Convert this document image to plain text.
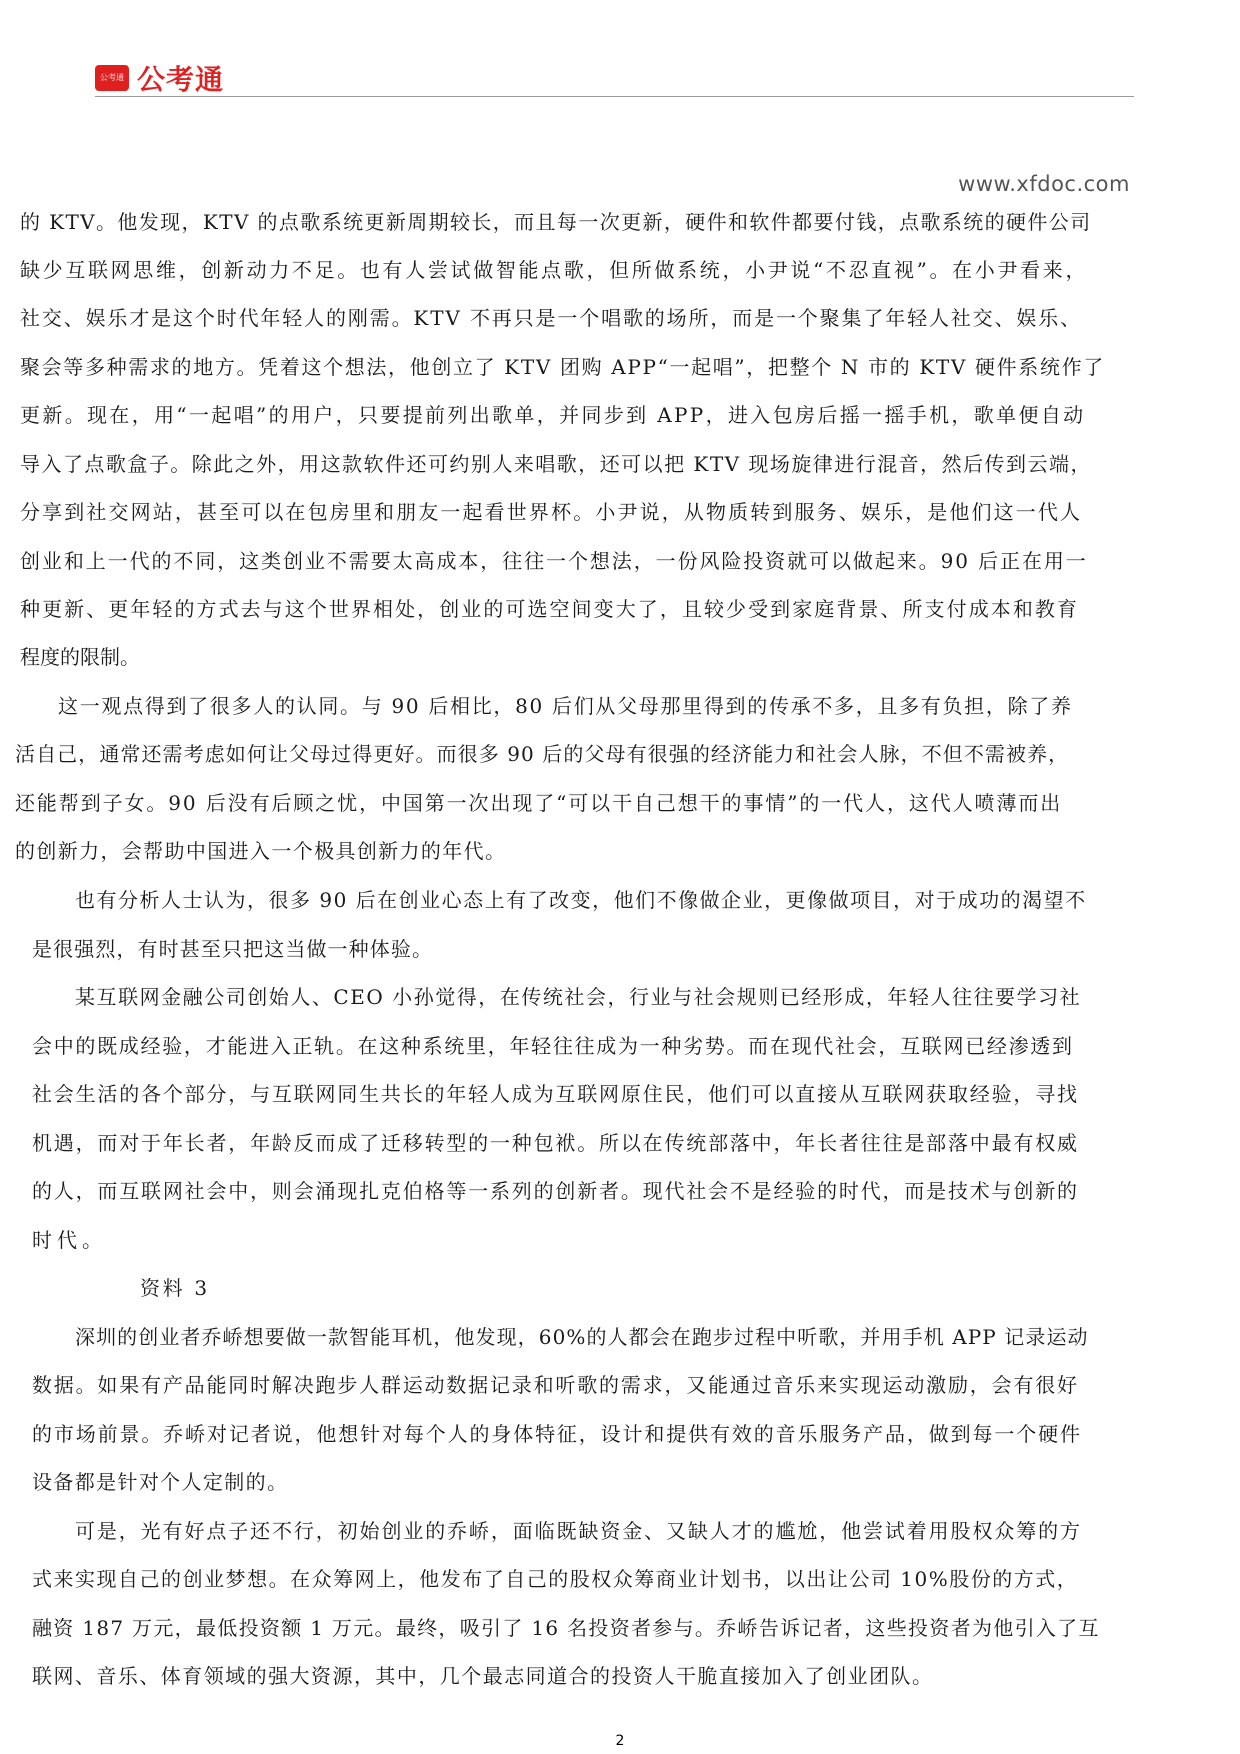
公考通 公考通
www.xfdoc.com
的 KTV。他发现，KTV 的点歌系统更新周期较长，而且每一次更新，硬件和软件都要付钱，点歌系统的硬件公司
缺少互联网思维，创新动力不足。也有人尝试做智能点歌，但所做系统，小尹说“不忍直视”。在小尹看来，
社交、娱乐才是这个时代年轻人的刚需。KTV 不再只是一个唱歌的场所，而是一个聚集了年轻人社交、娱乐、
聚会等多种需求的地方。凭着这个想法，他创立了 KTV 团购 APP“一起唱”，把整个 N 市的 KTV 硬件系统作了
更新。现在，用“一起唱”的用户，只要提前列出歌单，并同步到 APP，进入包房后摇一摇手机，歌单便自动
导入了点歌盒子。除此之外，用这款软件还可约别人来唱歌，还可以把 KTV 现场旋律进行混音，然后传到云端，
分享到社交网站，甚至可以在包房里和朋友一起看世界杯。小尹说，从物质转到服务、娱乐，是他们这一代人
创业和上一代的不同，这类创业不需要太高成本，往往一个想法，一份风险投资就可以做起来。90 后正在用一
种更新、更年轻的方式去与这个世界相处，创业的可选空间变大了，且较少受到家庭背景、所支付成本和教育
程度的限制。
这一观点得到了很多人的认同。与 90 后相比，80 后们从父母那里得到的传承不多，且多有负担，除了养
活自己，通常还需考虑如何让父母过得更好。而很多 90 后的父母有很强的经济能力和社会人脉，不但不需被养，
还能帮到子女。90 后没有后顾之忧，中国第一次出现了“可以干自己想干的事情”的一代人，这代人喷薄而出
的创新力，会帮助中国进入一个极具创新力的年代。
也有分析人士认为，很多 90 后在创业心态上有了改变，他们不像做企业，更像做项目，对于成功的渴望不
是很强烈，有时甚至只把这当做一种体验。
某互联网金融公司创始人、CEO 小孙觉得，在传统社会，行业与社会规则已经形成，年轻人往往要学习社
会中的既成经验，才能进入正轨。在这种系统里，年轻往往成为一种劣势。而在现代社会，互联网已经渗透到
社会生活的各个部分，与互联网同生共长的年轻人成为互联网原住民，他们可以直接从互联网获取经验，寻找
机遇，而对于年长者，年龄反而成了迁移转型的一种包袱。所以在传统部落中，年长者往往是部落中最有权威
的人，而互联网社会中，则会涌现扎克伯格等一系列的创新者。现代社会不是经验的时代，而是技术与创新的
时代。
资料 3
深圳的创业者乔峤想要做一款智能耳机，他发现，60%的人都会在跑步过程中听歌，并用手机 APP 记录运动
数据。如果有产品能同时解决跑步人群运动数据记录和听歌的需求，又能通过音乐来实现运动激励，会有很好
的市场前景。乔峤对记者说，他想针对每个人的身体特征，设计和提供有效的音乐服务产品，做到每一个硬件
设备都是针对个人定制的。
可是，光有好点子还不行，初始创业的乔峤，面临既缺资金、又缺人才的尴尬，他尝试着用股权众筹的方
式来实现自己的创业梦想。在众筹网上，他发布了自己的股权众筹商业计划书，以出让公司 10%股份的方式，
融资 187 万元，最低投资额 1 万元。最终，吸引了 16 名投资者参与。乔峤告诉记者，这些投资者为他引入了互
联网、音乐、体育领域的强大资源，其中，几个最志同道合的投资人干脆直接加入了创业团队。
2
